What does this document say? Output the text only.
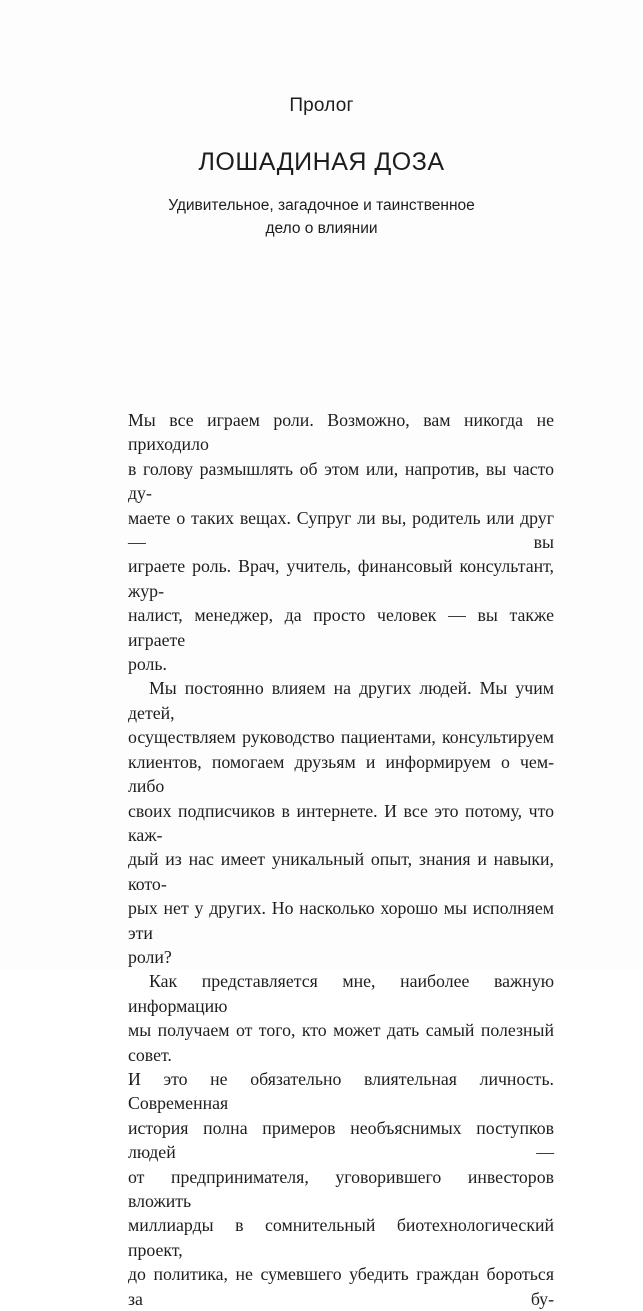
Пролог
ЛОШАДИНАЯ ДОЗА
Удивительное, загадочное и таинственное
дело о влиянии

Мы все играем роли. Возможно, вам никогда не приходило

в голову размышлять об этом или, напротив, вы часто ду-

маете о таких вещах. Супруг ли вы, родитель или друг — вы

играете роль. Врач, учитель, финансовый консультант, жур-

налист, менеджер, да просто человек — вы также играете

роль.

Мы постоянно влияем на других людей. Мы учим детей,

осуществляем руководство пациентами, консультируем

клиентов, помогаем друзьям и информируем о чем-либо

своих подписчиков в интернете. И все это потому, что каж-

дый из нас имеет уникальный опыт, знания и навыки, кото-

рых нет у других. Но насколько хорошо мы исполняем эти

роли?

Как представляется мне, наиболее важную информацию

мы получаем от того, кто может дать самый полезный совет.

И это не обязательно влиятельная личность. Современная

история полна примеров необъяснимых поступков людей —

от предпринимателя, уговорившего инвесторов вложить

миллиарды в сомнительный биотехнологический проект,

до политика, не сумевшего убедить граждан бороться за бу-
